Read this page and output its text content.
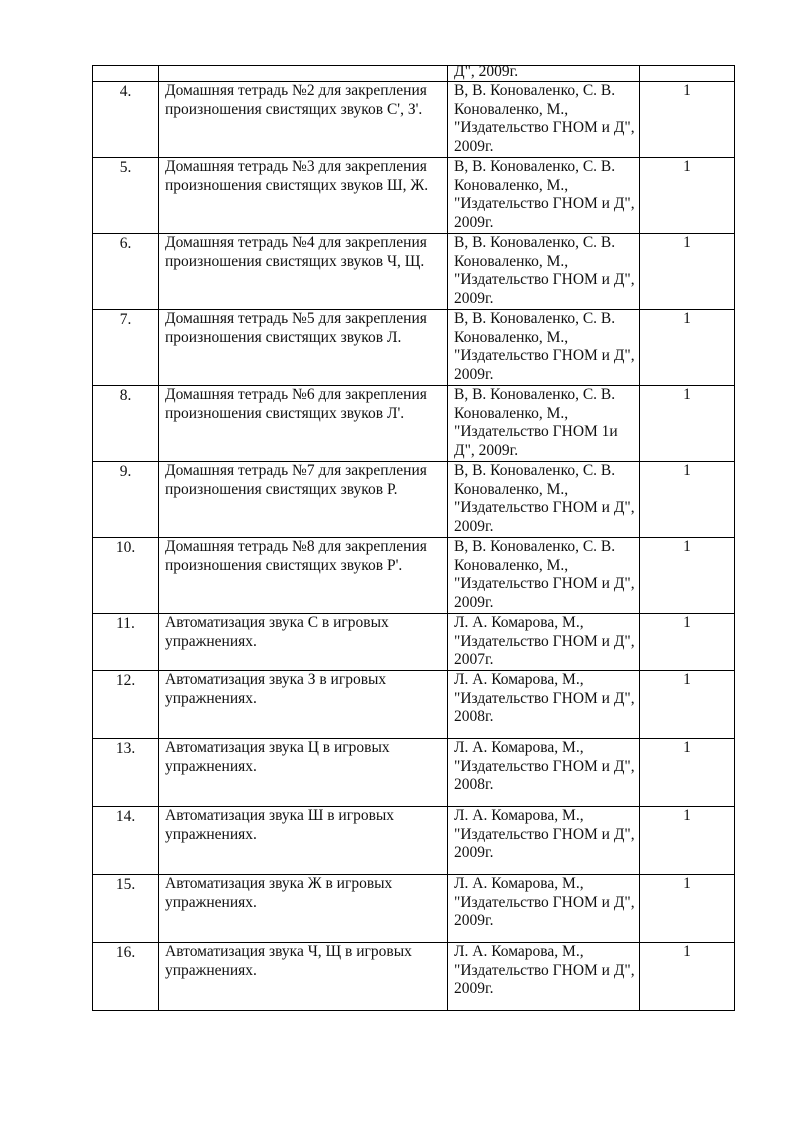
		Д", 2009г.	

4.	Домашняя тетрадь №2 для закрепления произношения свистящих звуков С', З'.	В, В. Коноваленко, С. В. Коноваленко, М., "Издательство ГНОМ и Д", 2009г.	1
5.	Домашняя тетрадь №3 для закрепления произношения свистящих звуков Ш, Ж.	В, В. Коноваленко, С. В. Коноваленко, М., "Издательство ГНОМ и Д", 2009г.	1
6.	Домашняя тетрадь №4 для закрепления произношения свистящих звуков Ч, Щ.	В, В. Коноваленко, С. В. Коноваленко, М., "Издательство ГНОМ и Д", 2009г.	1
7.	Домашняя тетрадь №5 для закрепления произношения свистящих звуков Л.	В, В. Коноваленко, С. В. Коноваленко, М., "Издательство ГНОМ и Д", 2009г.	1
8.	Домашняя тетрадь №6 для закрепления произношения свистящих звуков Л'.	В, В. Коноваленко, С. В. Коноваленко, М., "Издательство ГНОМ 1и Д", 2009г.	1
9.	Домашняя тетрадь №7 для закрепления произношения свистящих звуков Р.	В, В. Коноваленко, С. В. Коноваленко, М., "Издательство ГНОМ и Д", 2009г.	1
10.	Домашняя тетрадь №8 для закрепления произношения свистящих звуков Р'.	В, В. Коноваленко, С. В. Коноваленко, М., "Издательство ГНОМ и Д", 2009г.	1
11.	Автоматизация звука С в игровых упражнениях.	Л. А. Комарова, М., "Издательство ГНОМ и Д", 2007г.	1
12.	Автоматизация звука З в игровых упражнениях.	Л. А. Комарова, М., "Издательство ГНОМ и Д", 2008г.	1
13.	Автоматизация звука Ц в игровых упражнениях.	Л. А. Комарова, М., "Издательство ГНОМ и Д", 2008г.	1
14.	Автоматизация звука Ш в игровых упражнениях.	Л. А. Комарова, М., "Издательство ГНОМ и Д", 2009г.	1
15.	Автоматизация звука Ж в игровых упражнениях.	Л. А. Комарова, М., "Издательство ГНОМ и Д", 2009г.	1
16.	Автоматизация звука Ч, Щ в игровых упражнениях.	Л. А. Комарова, М., "Издательство ГНОМ и Д", 2009г.	1
